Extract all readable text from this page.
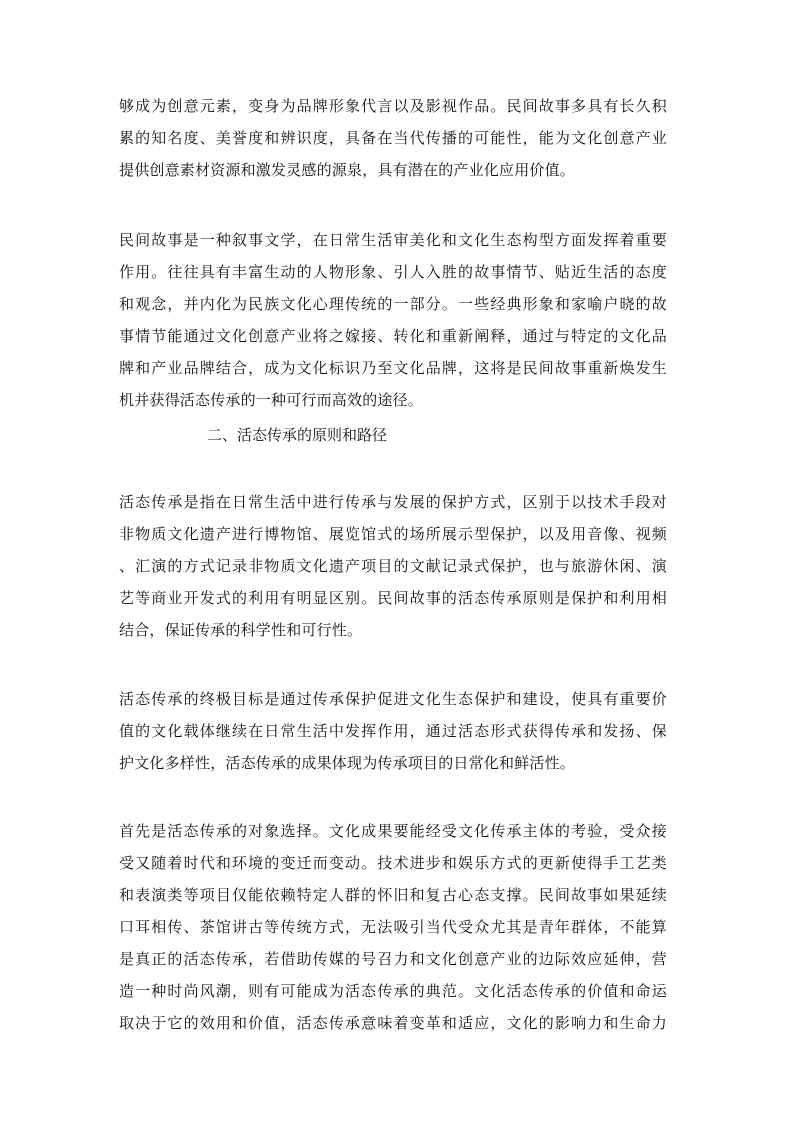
够成为创意元素，变身为品牌形象代言以及影视作品。民间故事多具有长久积
累的知名度、美誉度和辨识度，具备在当代传播的可能性，能为文化创意产业
提供创意素材资源和激发灵感的源泉，具有潜在的产业化应用价值。
民间故事是一种叙事文学，在日常生活审美化和文化生态构型方面发挥着重要
作用。往往具有丰富生动的人物形象、引人入胜的故事情节、贴近生活的态度
和观念，并内化为民族文化心理传统的一部分。一些经典形象和家喻户晓的故
事情节能通过文化创意产业将之嫁接、转化和重新阐释，通过与特定的文化品
牌和产业品牌结合，成为文化标识乃至文化品牌，这将是民间故事重新焕发生
机并获得活态传承的一种可行而高效的途径。
二、活态传承的原则和路径
活态传承是指在日常生活中进行传承与发展的保护方式，区别于以技术手段对
非物质文化遗产进行博物馆、展览馆式的场所展示型保护，以及用音像、视频
、汇演的方式记录非物质文化遗产项目的文献记录式保护，也与旅游休闲、演
艺等商业开发式的利用有明显区别。民间故事的活态传承原则是保护和利用相
结合，保证传承的科学性和可行性。
活态传承的终极目标是通过传承保护促进文化生态保护和建设，使具有重要价
值的文化载体继续在日常生活中发挥作用，通过活态形式获得传承和发扬、保
护文化多样性，活态传承的成果体现为传承项目的日常化和鲜活性。
首先是活态传承的对象选择。文化成果要能经受文化传承主体的考验，受众接
受又随着时代和环境的变迁而变动。技术进步和娱乐方式的更新使得手工艺类
和表演类等项目仅能依赖特定人群的怀旧和复古心态支撑。民间故事如果延续
口耳相传、茶馆讲古等传统方式，无法吸引当代受众尤其是青年群体，不能算
是真正的活态传承，若借助传媒的号召力和文化创意产业的边际效应延伸，营
造一种时尚风潮，则有可能成为活态传承的典范。文化活态传承的价值和命运
取决于它的效用和价值，活态传承意味着变革和适应，文化的影响力和生命力
